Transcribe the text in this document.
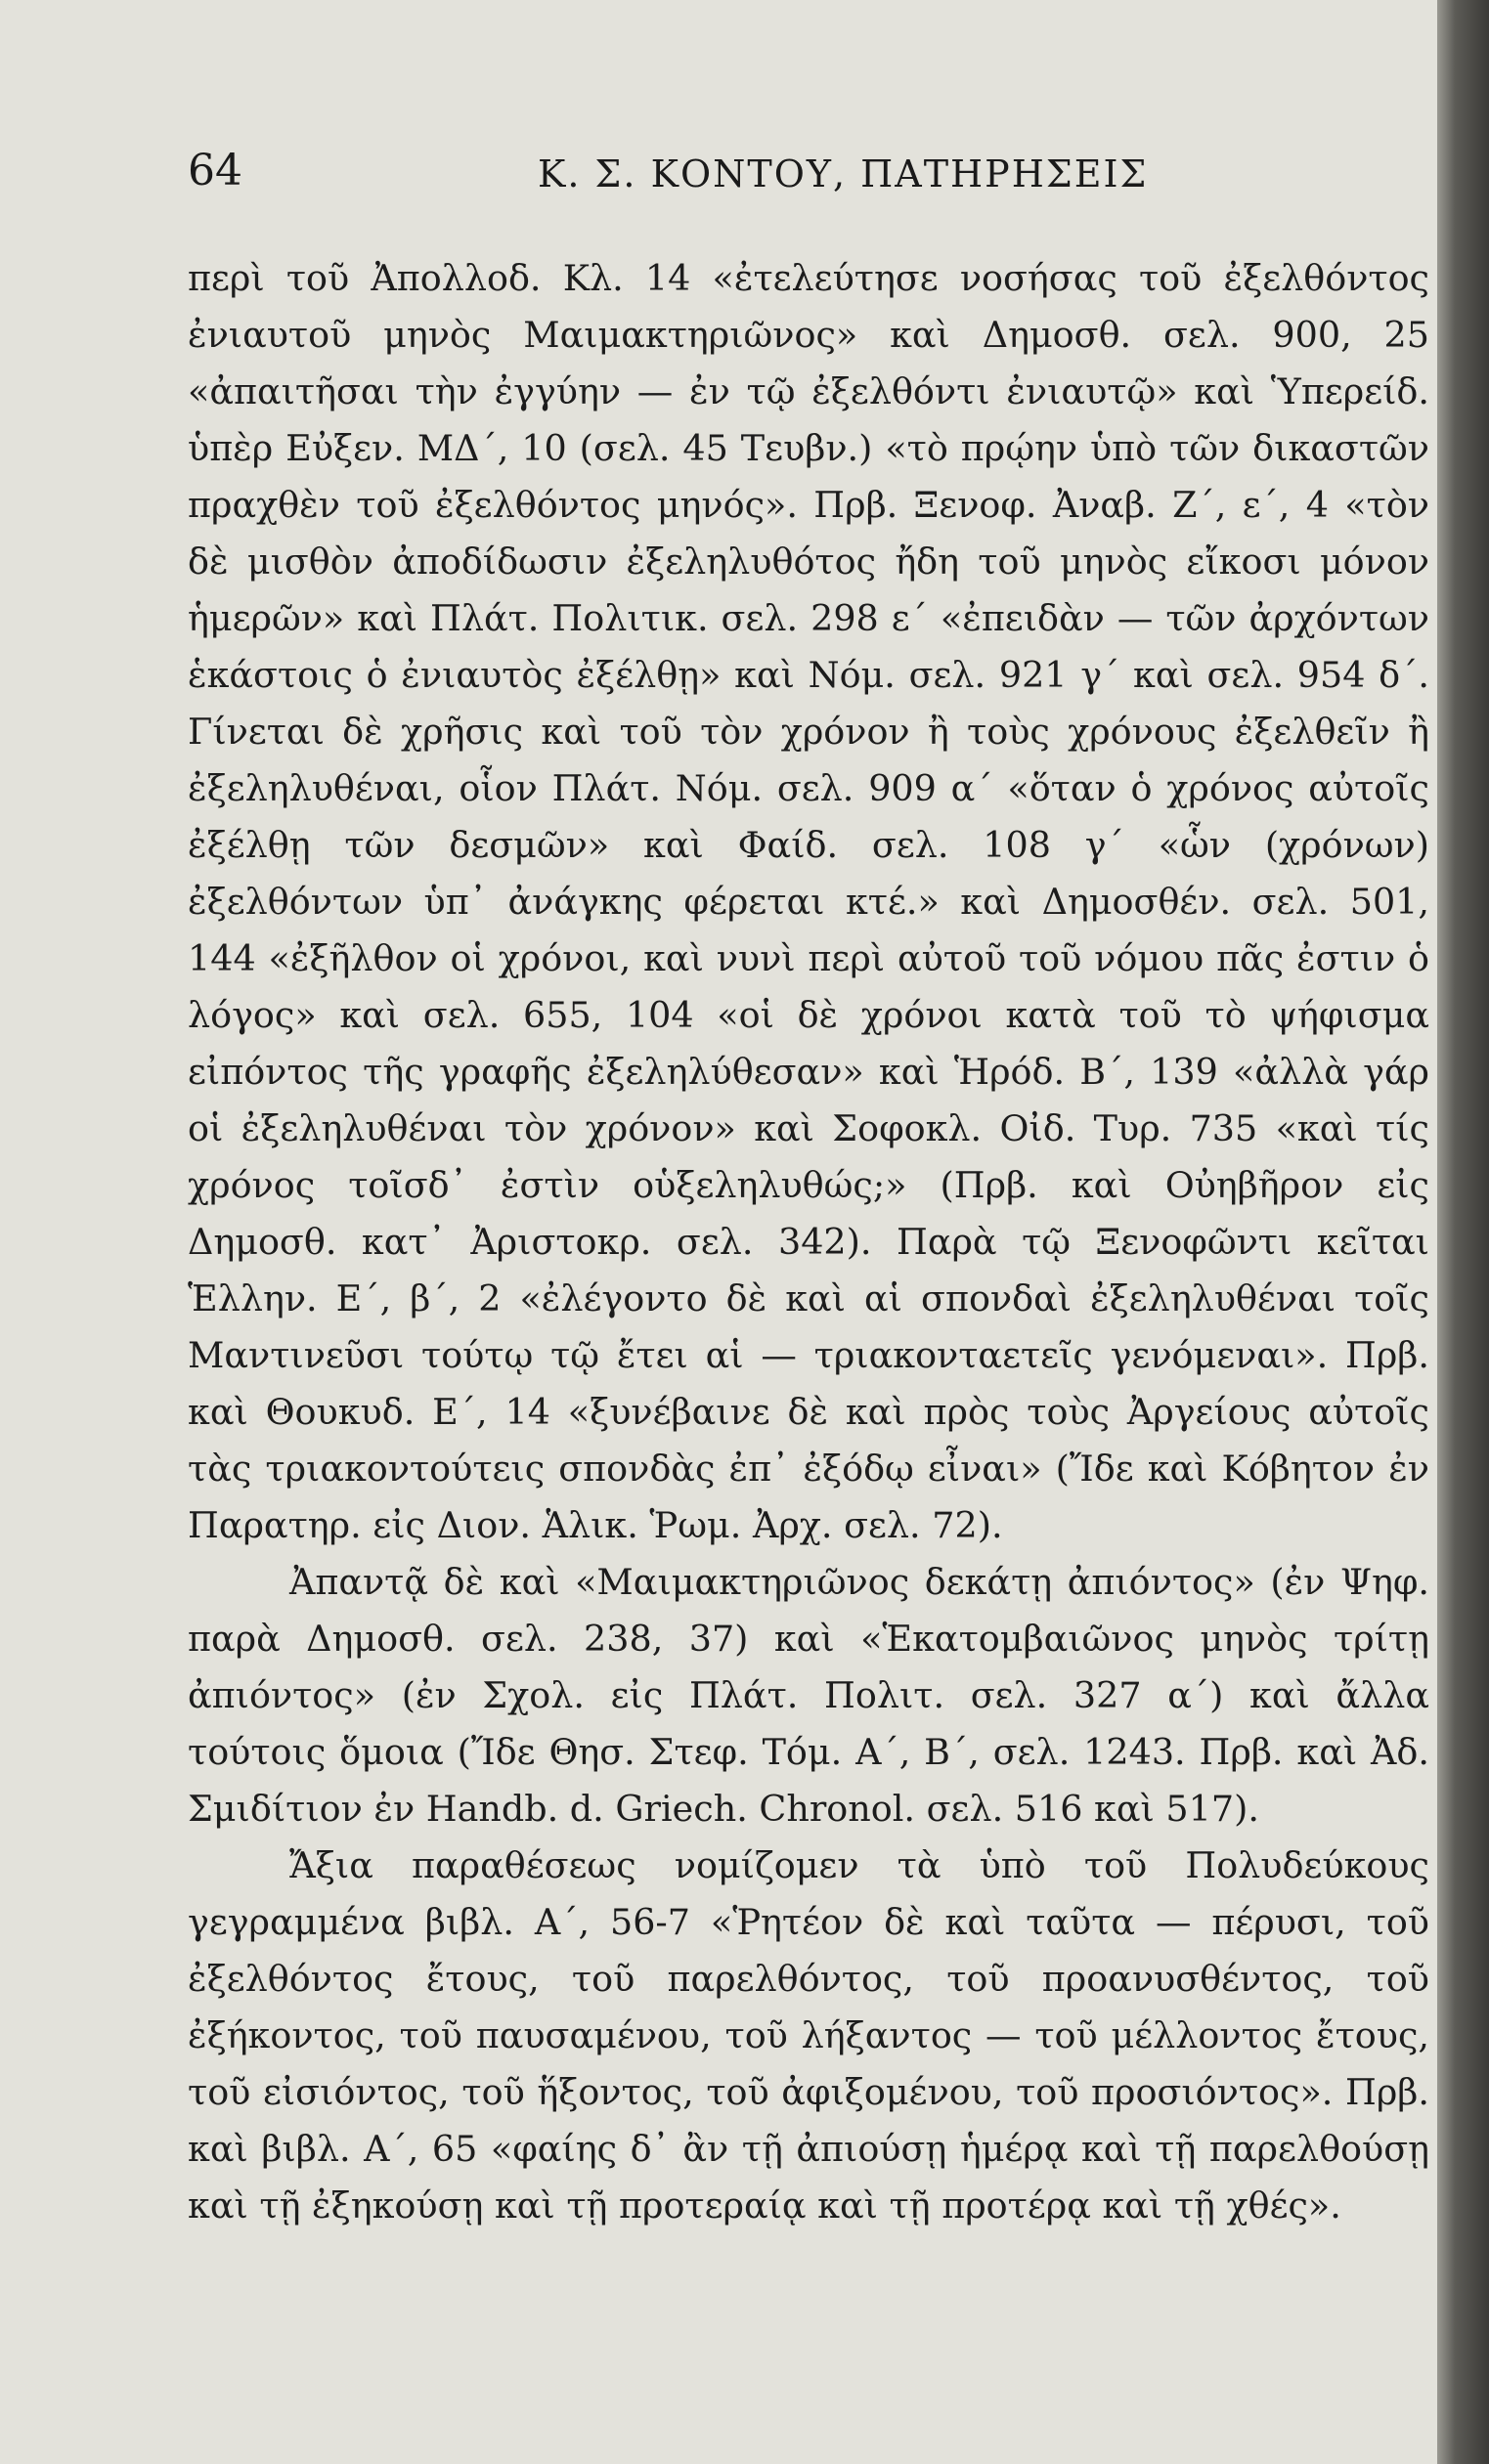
64	Κ. Σ. ΚΟΝΤΟΥ, ΠΑΤΗΡΗΣΕΙΣ

περὶ τοῦ Ἀπολλοδ. Κλ. 14 «ἐτελεύτησε νοσήσας τοῦ ἐξελθόντος ἐνιαυτοῦ μηνὸς Μαιμακτηριῶνος» καὶ Δημοσθ. σελ. 900, 25 «ἀπαιτῆσαι τὴν ἐγγύην — ἐν τῷ ἐξελθόντι ἐνιαυτῷ» καὶ Ὑπερείδ. ὑπὲρ Εὐξεν. ΜΔ΄, 10 (σελ. 45 Τευβν.) «τὸ πρῴην ὑπὸ τῶν δικαστῶν πραχθὲν τοῦ ἐξελθόντος μηνός». Πρβ. Ξενοφ. Ἀναβ. Ζ΄, ε΄, 4 «τὸν δὲ μισθὸν ἀποδίδωσιν ἐξεληλυθότος ἤδη τοῦ μηνὸς εἴκοσι μόνον ἡμερῶν» καὶ Πλάτ. Πολιτικ. σελ. 298 ε΄ «ἐπειδὰν — τῶν ἀρχόντων ἑκάστοις ὁ ἐνιαυτὸς ἐξέλθῃ» καὶ Νόμ. σελ. 921 γ΄ καὶ σελ. 954 δ΄. Γίνεται δὲ χρῆσις καὶ τοῦ τὸν χρόνον ἢ τοὺς χρόνους ἐξελθεῖν ἢ ἐξεληλυθέναι, οἷον Πλάτ. Νόμ. σελ. 909 α΄ «ὅταν ὁ χρόνος αὐτοῖς ἐξέλθῃ τῶν δεσμῶν» καὶ Φαίδ. σελ. 108 γ΄ «ὧν (χρόνων) ἐξελθόντων ὑπ᾽ ἀνάγκης φέρεται κτέ.» καὶ Δημοσθέν. σελ. 501, 144 «ἐξῆλθον οἱ χρόνοι, καὶ νυνὶ περὶ αὐτοῦ τοῦ νόμου πᾶς ἐστιν ὁ λόγος» καὶ σελ. 655, 104 «οἱ δὲ χρόνοι κατὰ τοῦ τὸ ψήφισμα εἰπόντος τῆς γραφῆς ἐξεληλύθεσαν» καὶ Ἡρόδ. Β΄, 139 «ἀλλὰ γάρ οἱ ἐξεληλυθέναι τὸν χρόνον» καὶ Σοφοκλ. Οἰδ. Τυρ. 735 «καὶ τίς χρόνος τοῖσδ᾽ ἐστὶν οὑξεληλυθώς;» (Πρβ. καὶ Οὐηβῆρον εἰς Δημοσθ. κατ᾽ Ἀριστοκρ. σελ. 342). Παρὰ τῷ Ξενοφῶντι κεῖται Ἑλλην. Ε΄, β΄, 2 «ἐλέγοντο δὲ καὶ αἱ σπονδαὶ ἐξεληλυθέναι τοῖς Μαντινεῦσι τούτῳ τῷ ἔτει αἱ — τριακονταετεῖς γενόμεναι». Πρβ. καὶ Θουκυδ. Ε΄, 14 «ξυνέβαινε δὲ καὶ πρὸς τοὺς Ἀργείους αὐτοῖς τὰς τριακοντούτεις σπονδὰς ἐπ᾽ ἐξόδῳ εἶναι» (Ἴδε καὶ Κόβητον ἐν Παρατηρ. εἰς Διον. Ἁλικ. Ῥωμ. Ἀρχ. σελ. 72).

Ἀπαντᾷ δὲ καὶ «Μαιμακτηριῶνος δεκάτῃ ἀπιόντος» (ἐν Ψηφ. παρὰ Δημοσθ. σελ. 238, 37) καὶ «Ἑκατομβαιῶνος μηνὸς τρίτῃ ἀπιόντος» (ἐν Σχολ. εἰς Πλάτ. Πολιτ. σελ. 327 α΄) καὶ ἄλλα τούτοις ὅμοια (Ἴδε Θησ. Στεφ. Τόμ. Α΄, Β΄, σελ. 1243. Πρβ. καὶ Ἀδ. Σμιδίτιον ἐν Handb. d. Griech. Chronol. σελ. 516 καὶ 517).

Ἄξια παραθέσεως νομίζομεν τὰ ὑπὸ τοῦ Πολυδεύκους γεγραμμένα βιβλ. Α΄, 56-7 «Ῥητέον δὲ καὶ ταῦτα — πέρυσι, τοῦ ἐξελθόντος ἔτους, τοῦ παρελθόντος, τοῦ προανυσθέντος, τοῦ ἐξήκοντος, τοῦ παυσαμένου, τοῦ λήξαντος — τοῦ μέλλοντος ἔτους, τοῦ εἰσιόντος, τοῦ ἥξοντος, τοῦ ἀφιξομένου, τοῦ προσιόντος». Πρβ. καὶ βιβλ. Α΄, 65 «φαίης δ᾽ ἂν τῇ ἀπιούσῃ ἡμέρᾳ καὶ τῇ παρελθούσῃ καὶ τῇ ἐξηκούσῃ καὶ τῇ προτεραίᾳ καὶ τῇ προτέρᾳ καὶ τῇ χθές».
